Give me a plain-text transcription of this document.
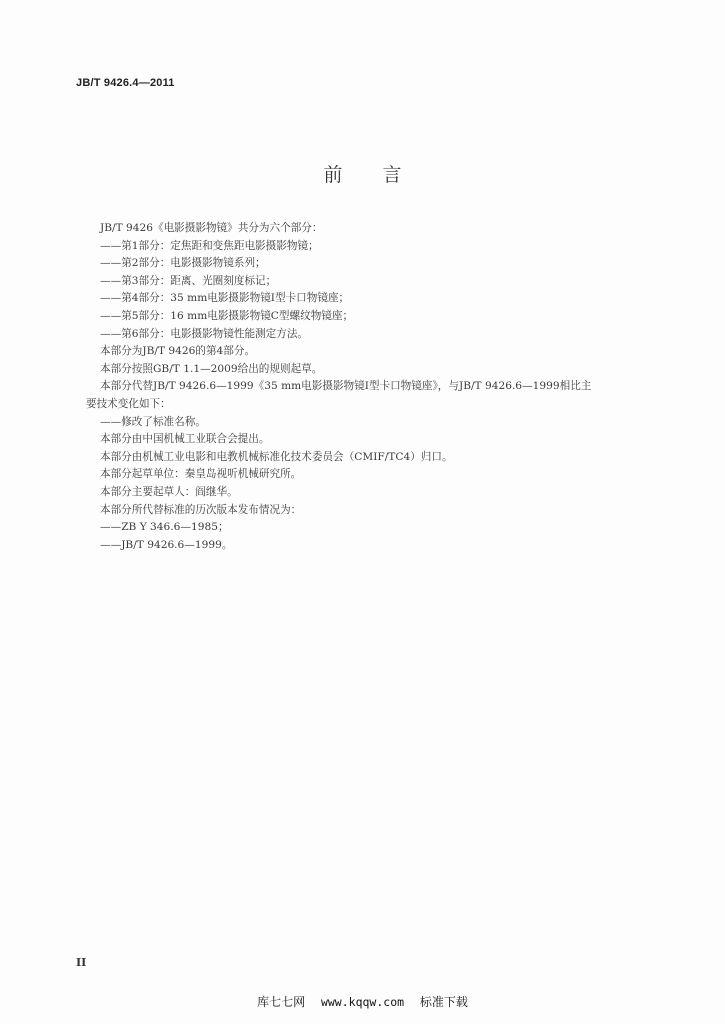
JB/T 9426.4—2011
前 言
JB/T 9426《电影摄影物镜》共分为六个部分：
——第1部分：定焦距和变焦距电影摄影物镜；
——第2部分：电影摄影物镜系列；
——第3部分：距离、光圈刻度标记；
——第4部分：35 mm电影摄影物镜Ⅰ型卡口物镜座；
——第5部分：16 mm电影摄影物镜C型螺纹物镜座；
——第6部分：电影摄影物镜性能测定方法。
本部分为JB/T 9426的第4部分。
本部分按照GB/T 1.1—2009给出的规则起草。
本部分代替JB/T 9426.6—1999《35 mm电影摄影物镜Ⅰ型卡口物镜座》，与JB/T 9426.6—1999相比主
要技术变化如下：
——修改了标准名称。
本部分由中国机械工业联合会提出。
本部分由机械工业电影和电教机械标准化技术委员会（CMIF/TC4）归口。
本部分起草单位：秦皇岛视听机械研究所。
本部分主要起草人：阎继华。
本部分所代替标准的历次版本发布情况为：
——ZB Y 346.6—1985；
——JB/T 9426.6—1999。
II
库七七网 www.kqqw.com 标准下载
